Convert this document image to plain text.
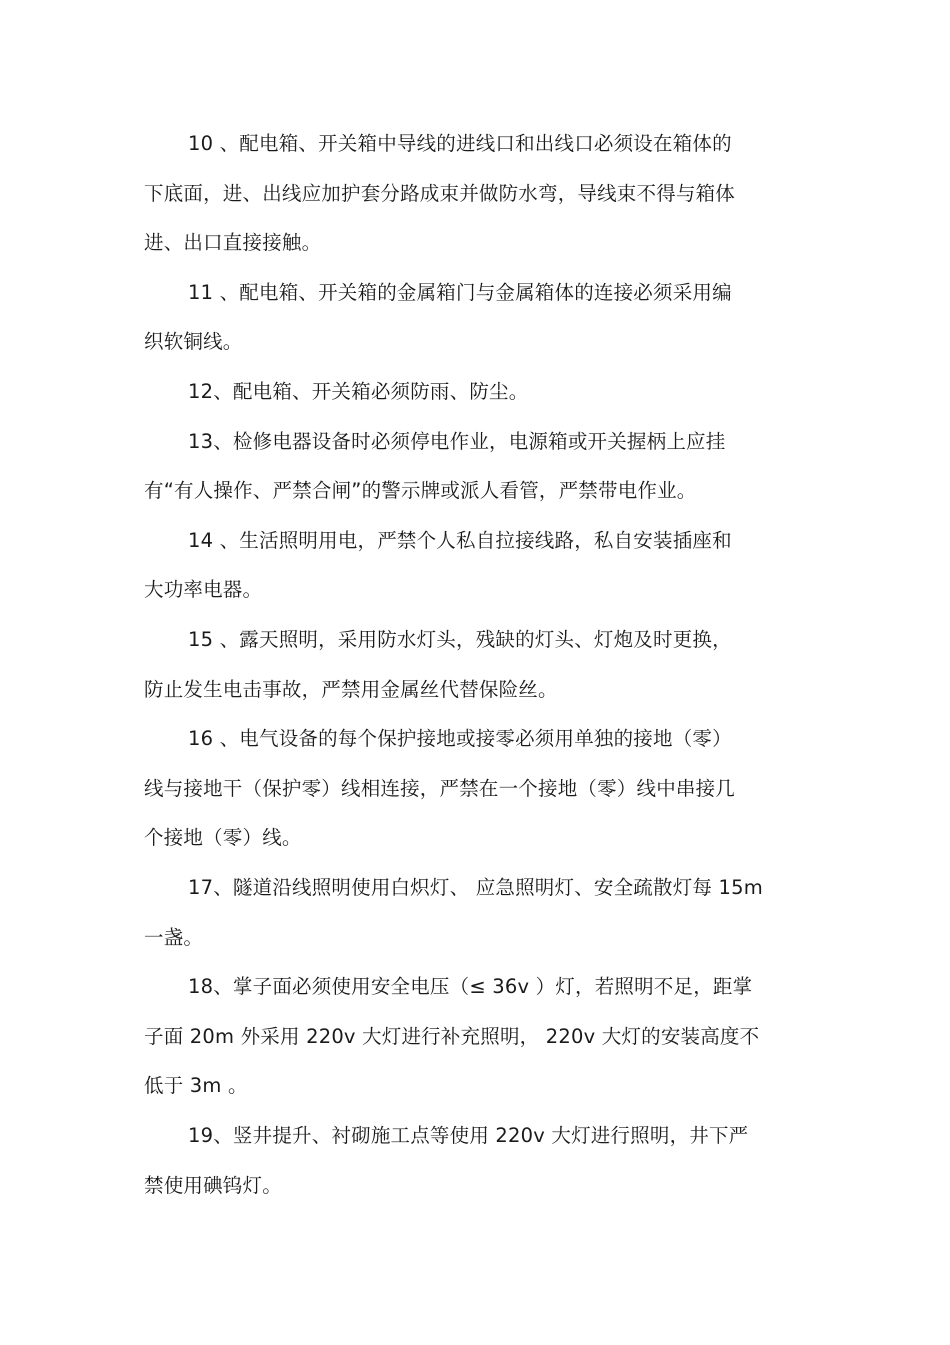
10 、配电箱、开关箱中导线的进线口和出线口必须设在箱体的
下底面，进、出线应加护套分路成束并做防水弯，导线束不得与箱体
进、出口直接接触。
11 、配电箱、开关箱的金属箱门与金属箱体的连接必须采用编
织软铜线。
12、配电箱、开关箱必须防雨、防尘。
13、检修电器设备时必须停电作业，电源箱或开关握柄上应挂
有“有人操作、严禁合闸”的警示牌或派人看管，严禁带电作业。
14 、生活照明用电，严禁个人私自拉接线路，私自安装插座和
大功率电器。
15 、露天照明，采用防水灯头，残缺的灯头、灯炮及时更换，
防止发生电击事故，严禁用金属丝代替保险丝。
16 、电气设备的每个保护接地或接零必须用单独的接地（零）
线与接地干（保护零）线相连接，严禁在一个接地（零）线中串接几
个接地（零）线。
17、隧道沿线照明使用白炽灯、 应急照明灯、安全疏散灯每 15m
一盏。
18、掌子面必须使用安全电压（≤ 36v ）灯，若照明不足，距掌
子面 20m 外采用 220v 大灯进行补充照明， 220v 大灯的安装高度不
低于 3m 。
19、竖井提升、衬砌施工点等使用 220v 大灯进行照明，井下严
禁使用碘钨灯。
